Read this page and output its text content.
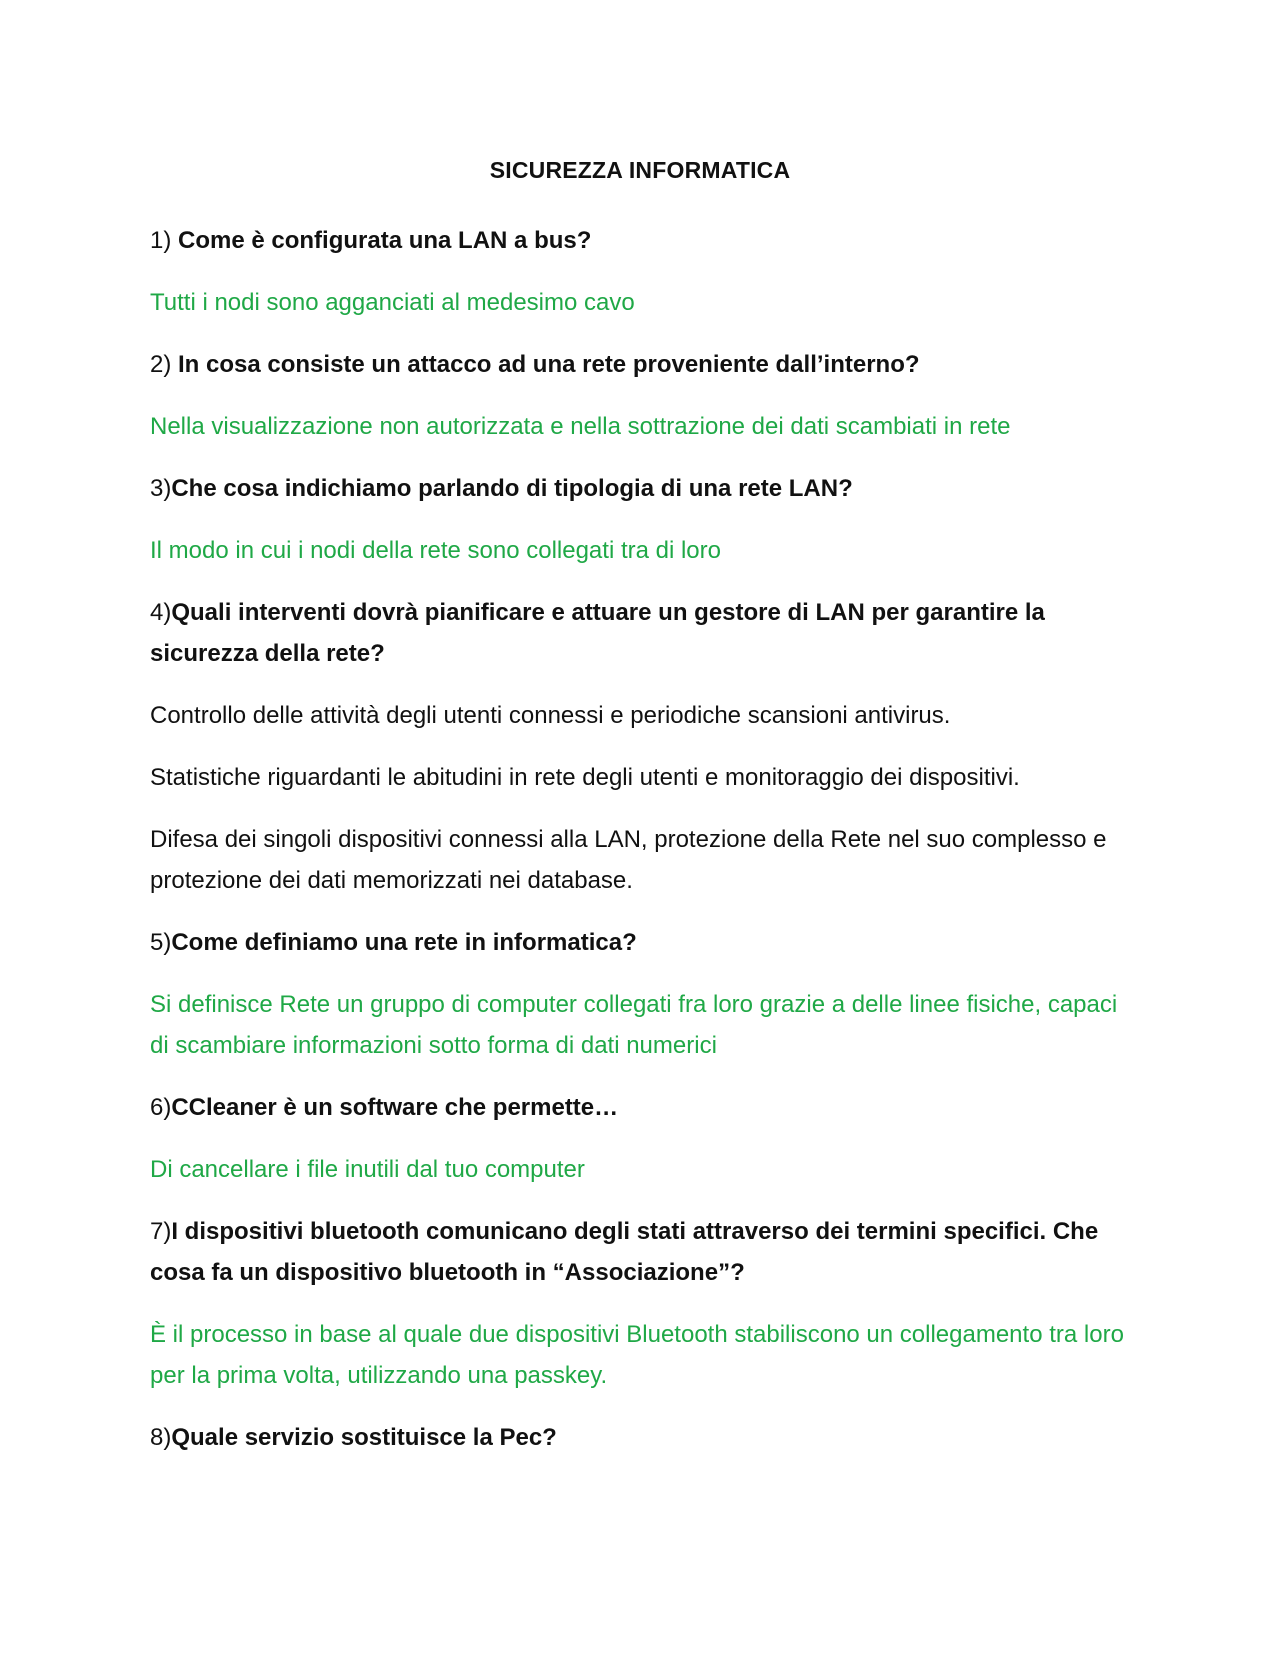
SICUREZZA INFORMATICA

1) Come è configurata una LAN a bus?

Tutti i nodi sono agganciati al medesimo cavo

2) In cosa consiste un attacco ad una rete proveniente dall’interno?

Nella visualizzazione non autorizzata e nella sottrazione dei dati scambiati in rete

3)Che cosa indichiamo parlando di tipologia di una rete LAN?

Il modo in cui i nodi della rete sono collegati tra di loro

4)Quali interventi dovrà pianificare e attuare un gestore di LAN per garantire la sicurezza della rete?

Controllo delle attività degli utenti connessi e periodiche scansioni antivirus.

Statistiche riguardanti le abitudini in rete degli utenti e monitoraggio dei dispositivi.

Difesa dei singoli dispositivi connessi alla LAN, protezione della Rete nel suo complesso e protezione dei dati memorizzati nei database.

5)Come definiamo una rete in informatica?

Si definisce Rete un gruppo di computer collegati fra loro grazie a delle linee fisiche, capaci di scambiare informazioni sotto forma di dati numerici

6)CCleaner è un software che permette…

Di cancellare i file inutili dal tuo computer

7)I dispositivi bluetooth comunicano degli stati attraverso dei termini specifici. Che cosa fa un dispositivo bluetooth in “Associazione”?

È il processo in base al quale due dispositivi Bluetooth stabiliscono un collegamento tra loro per la prima volta, utilizzando una passkey.

8)Quale servizio sostituisce la Pec?
